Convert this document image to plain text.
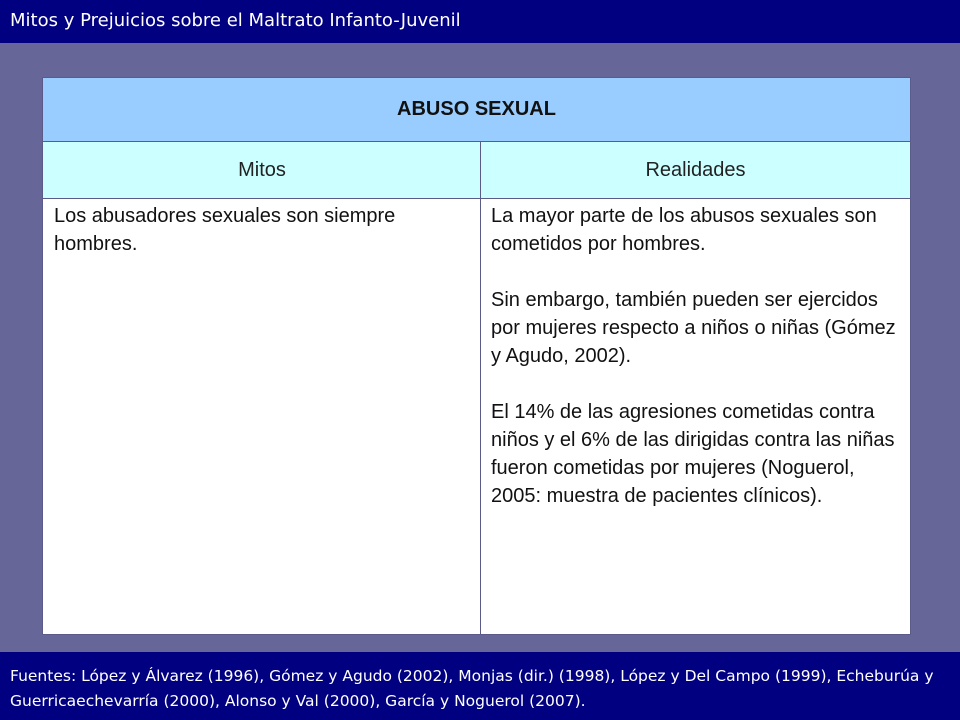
Mitos y Prejuicios sobre el Maltrato Infanto-Juvenil
ABUSO SEXUAL
Mitos	Realidades

Los abusadores sexuales son siempre hombres.

La mayor parte de los abusos sexuales son cometidos por hombres.

Sin embargo, también pueden ser ejercidos por mujeres respecto a niños o niñas (Gómez y Agudo, 2002).

El 14% de las agresiones cometidas contra niños y el 6% de las dirigidas contra las niñas fueron cometidas por mujeres (Noguerol, 2005: muestra de pacientes clínicos).

Fuentes: López y Álvarez (1996), Gómez y Agudo (2002), Monjas (dir.) (1998), López y Del Campo (1999), Echeburúa y Guerricaechevarría (2000), Alonso y Val (2000), García y Noguerol (2007).
